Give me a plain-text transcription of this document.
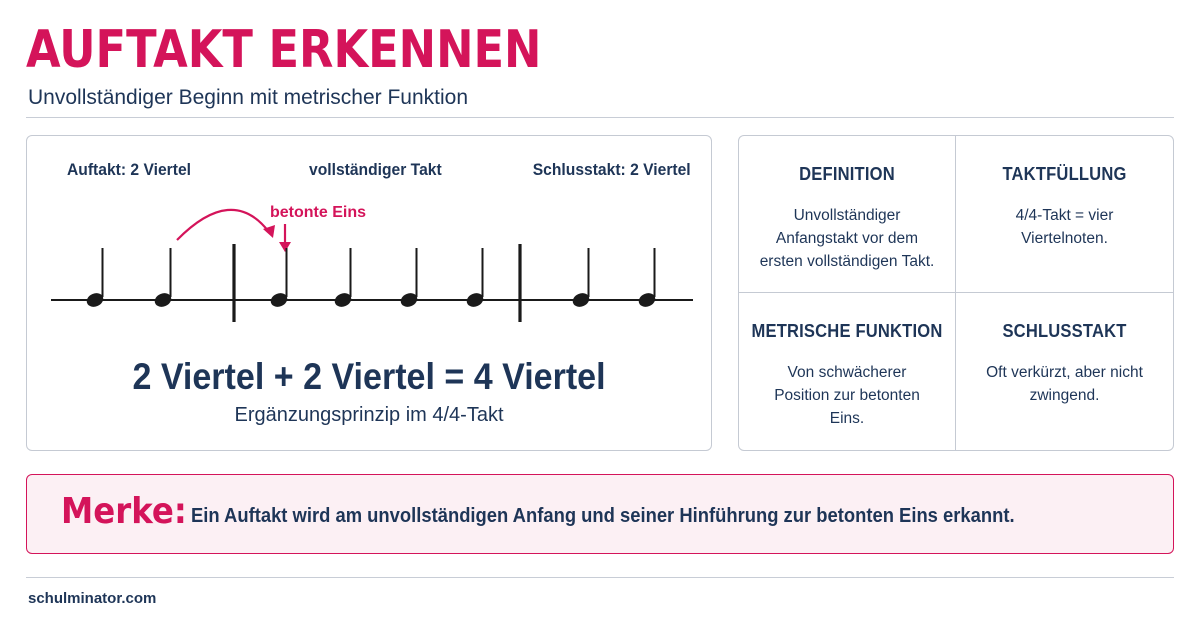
AUFTAKT ERKENNEN
Unvollständiger Beginn mit metrischer Funktion
Auftakt: 2 Viertel	vollständiger Takt	Schlusstakt: 2 Viertel
betonte Eins
2 Viertel + 2 Viertel = 4 Viertel
Ergänzungsprinzip im 4/4-Takt
DEFINITION

Unvollständiger Anfangstakt vor dem ersten vollständigen Takt.

TAKTFÜLLUNG

4/4-Takt = vier Viertelnoten.

METRISCHE FUNKTION

Von schwächerer Position zur betonten Eins.

SCHLUSSTAKT

Oft verkürzt, aber nicht zwingend.

Merke: Ein Auftakt wird am unvollständigen Anfang und seiner Hinführung zur betonten Eins erkannt.
schulminator.com
